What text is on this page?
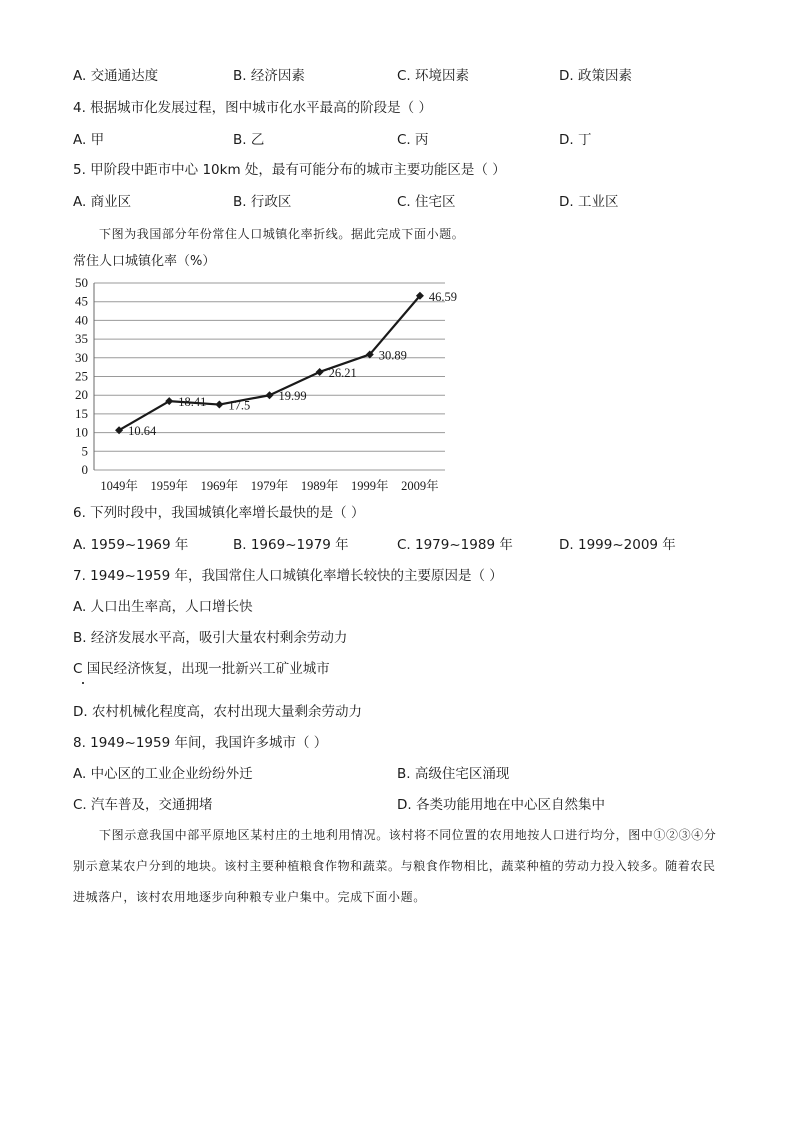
A. 交通通达度	B. 经济因素	C. 环境因素	D. 政策因素
4. 根据城市化发展过程，图中城市化水平最高的阶段是（ ）
A. 甲	B. 乙	C. 丙	D. 丁
5. 甲阶段中距市中心 10km 处，最有可能分布的城市主要功能区是（ ）
A. 商业区	B. 行政区	C. 住宅区	D. 工业区
下图为我国部分年份常住人口城镇化率折线。据此完成下面小题。
常住人口城镇化率（%）
0
5
10
15
20
25
30
35
40
45
50
1049年 1959年 1969年 1979年 1989年 1999年 2009年
10.64
18.41 17.5
19.99
26.21
30.89
46.59
6. 下列时段中，我国城镇化率增长最快的是（ ）
A. 1959~1969 年	B. 1969~1979 年	C. 1979~1989 年	D. 1999~2009 年
7. 1949~1959 年，我国常住人口城镇化率增长较快的主要原因是（ ）
A. 人口出生率高，人口增长快
B. 经济发展水平高，吸引大量农村剩余劳动力
C 国民经济恢复，出现一批新兴工矿业城市
D. 农村机械化程度高，农村出现大量剩余劳动力
8. 1949~1959 年间，我国许多城市（ ）
A. 中心区的工业企业纷纷外迁	B. 高级住宅区涌现
C. 汽车普及，交通拥堵	D. 各类功能用地在中心区自然集中
下图示意我国中部平原地区某村庄的土地利用情况。该村将不同位置的农用地按人口进行均分，图中①②③④分别示意某农户分到的地块。该村主要种植粮食作物和蔬菜。与粮食作物相比，蔬菜种植的劳动力投入较多。随着农民进城落户，该村农用地逐步向种粮专业户集中。完成下面小题。
